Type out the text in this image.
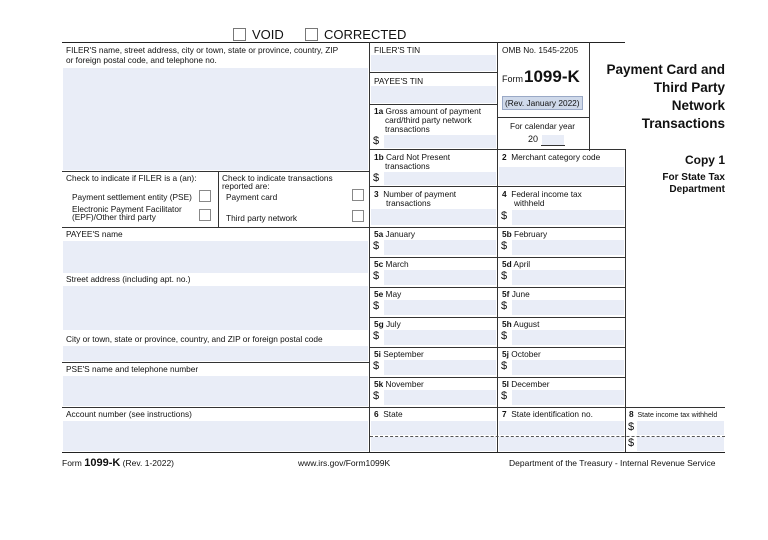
VOID	CORRECTED
FILER'S name, street address, city or town, state or province, country, ZIP
or foreign postal code, and telephone no.
FILER'S TIN
PAYEE'S TIN
OMB No. 1545-2205
Form 1099-K
(Rev. January 2022)
For calendar year
20
Payment Card and
Third Party
Network
Transactions
Copy 1
For State Tax
Department
1a Gross amount of payment
card/third party network
transactions
$
1b Card Not Present
transactions
$
2 Merchant category code
3 Number of payment
transactions
4 Federal income tax
withheld
$
Check to indicate if FILER is a (an):
Payment settlement entity (PSE)
Electronic Payment Facilitator
(EPF)/Other third party
Check to indicate transactions
reported are:
Payment card
Third party network
PAYEE'S name
Street address (including apt. no.)
City or town, state or province, country, and ZIP or foreign postal code
PSE'S name and telephone number
Account number (see instructions)
5a January
$
5b February
$
5c March
$
5d April
$
5e May
$
5f June
$
5g July
$
5h August
$
5i September
$
5j October
$
5k November
$
5l December
$
6 State	7 State identification no.	8 State income tax withheld
$
$
Form 1099-K (Rev. 1-2022)	www.irs.gov/Form1099K	Department of the Treasury - Internal Revenue Service
